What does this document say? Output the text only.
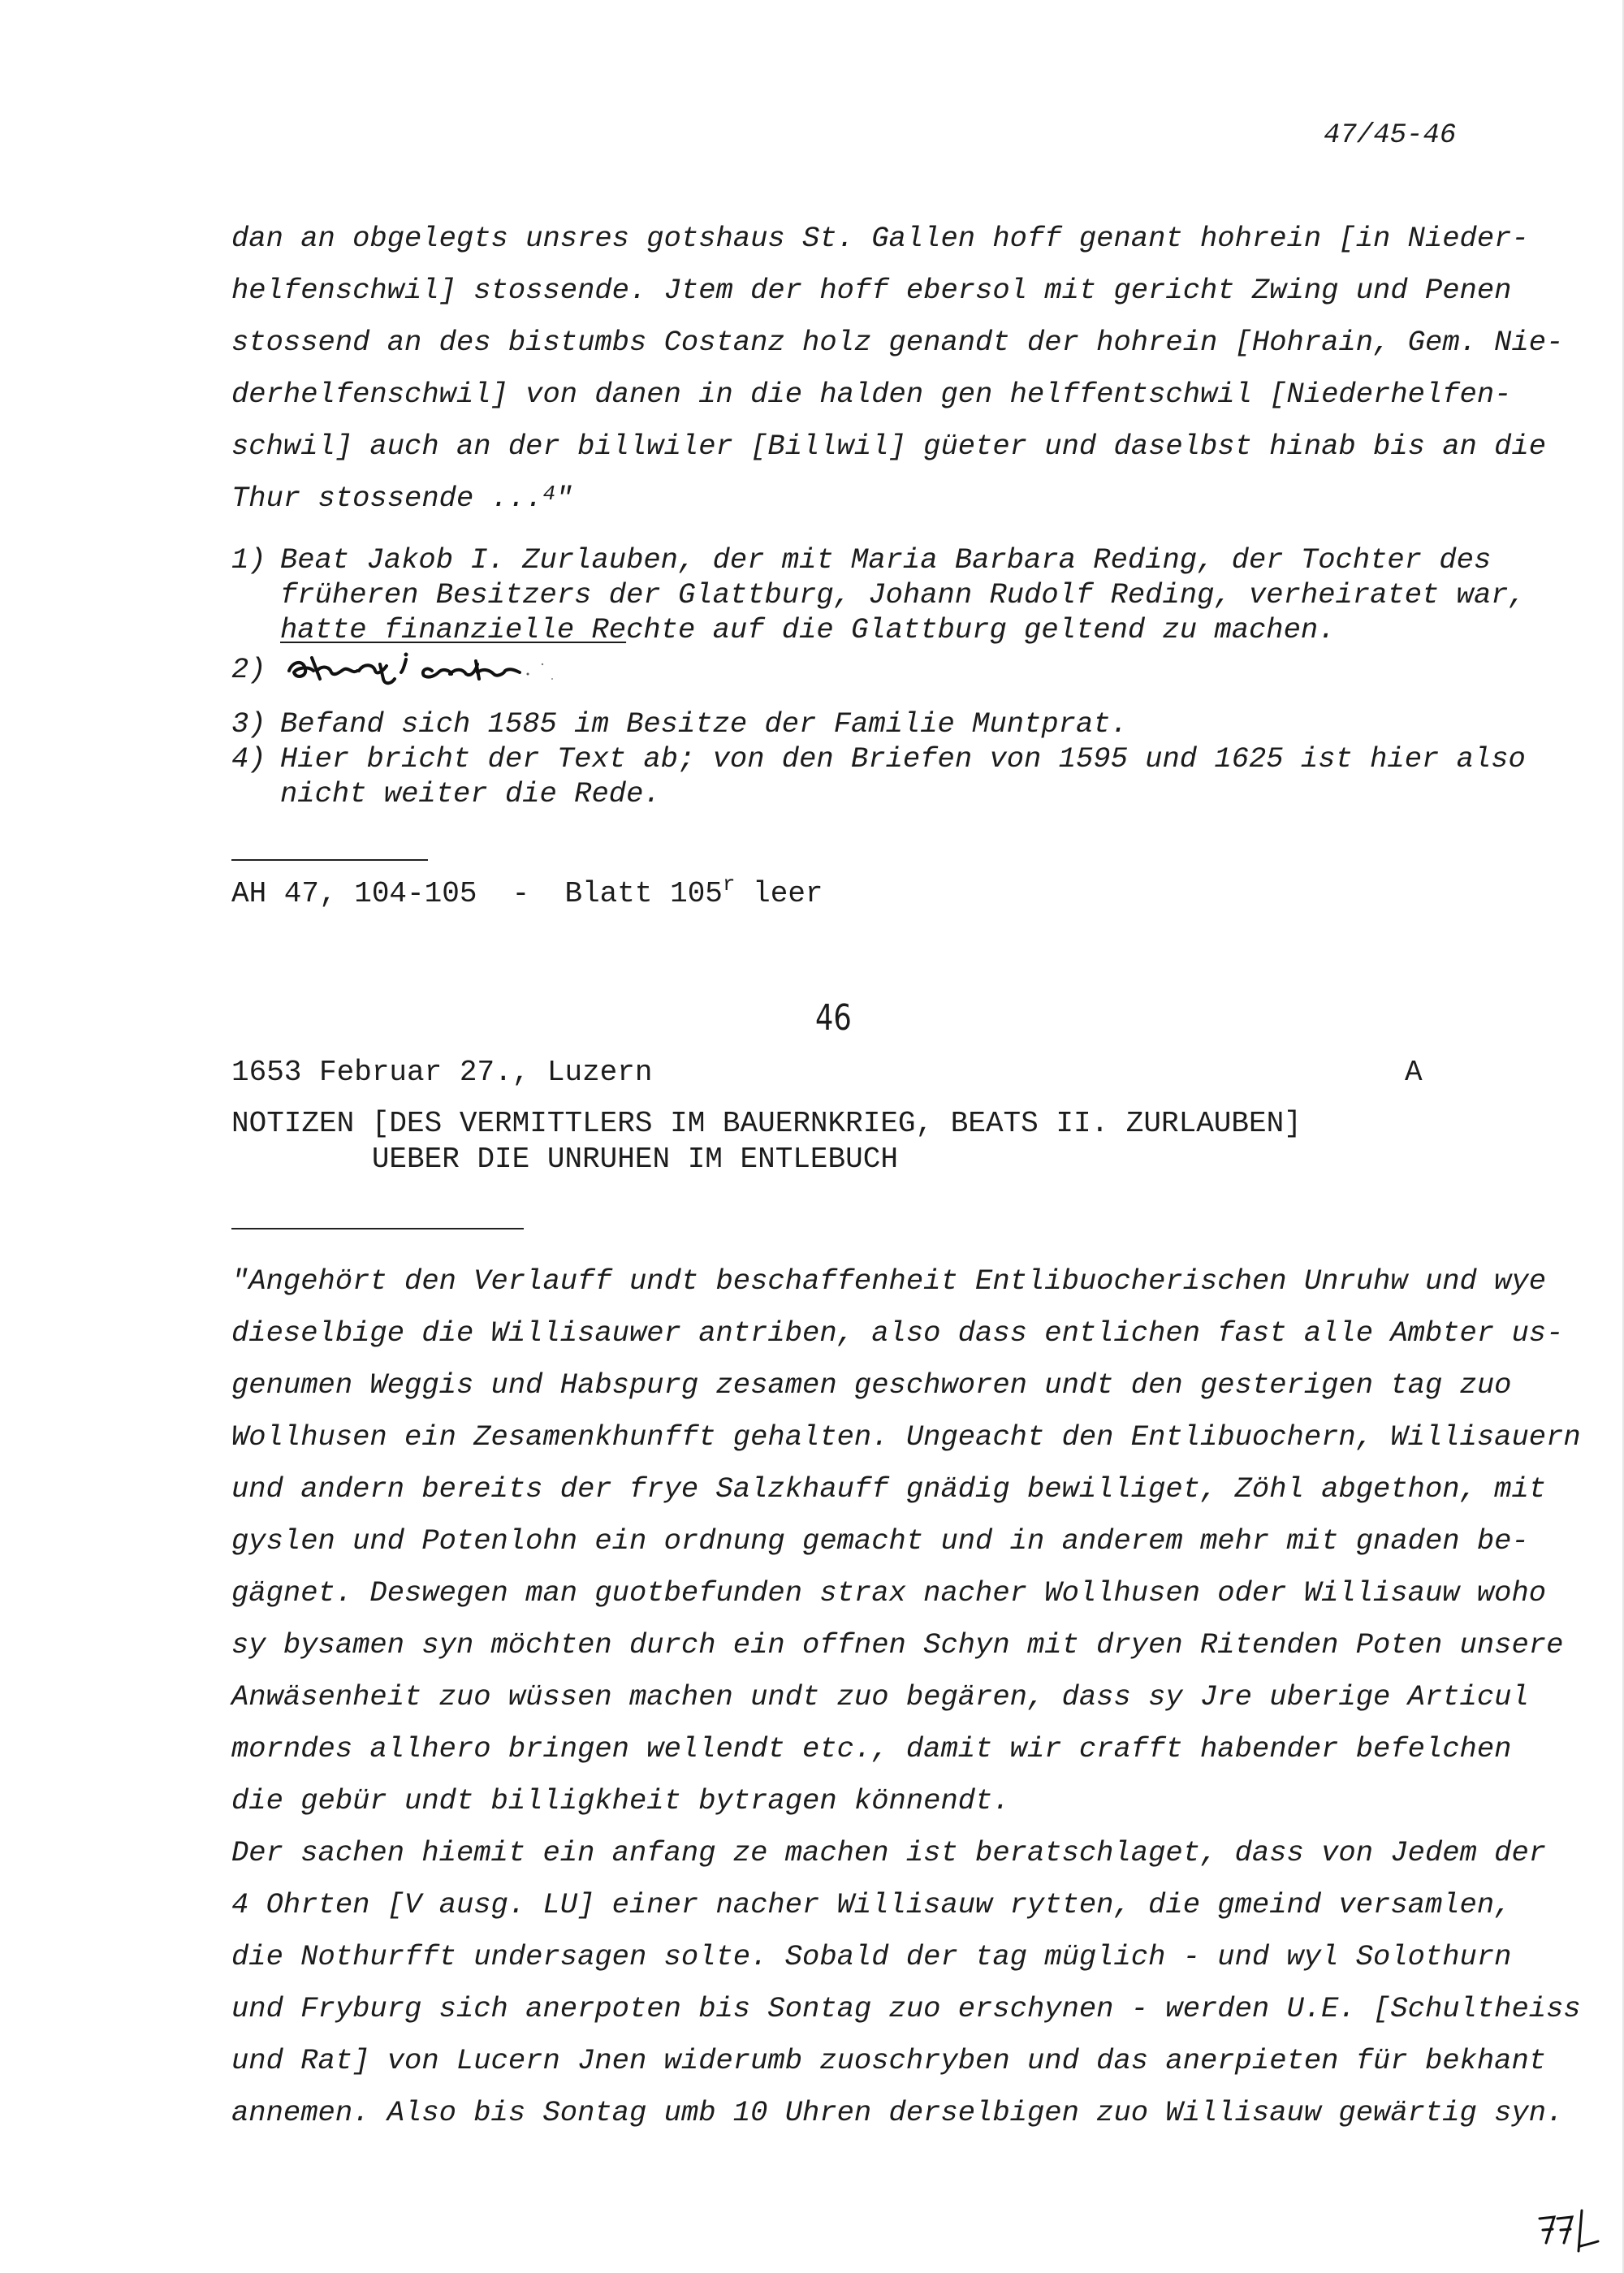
47/45-46
dan an obgelegts unsres gotshaus St. Gallen hoff genant hohrein [in Nieder-
helfenschwil] stossende. Jtem der hoff ebersol mit gericht Zwing und Penen
stossend an des bistumbs Costanz holz genandt der hohrein [Hohrain, Gem. Nie-
derhelfenschwil] von danen in die halden gen helffentschwil [Niederhelfen-
schwil] auch an der billwiler [Billwil] güeter und daselbst hinab bis an die
Thur stossende ...$^4$"
1) Beat Jakob I. Zurlauben, der mit Maria Barbara Reding, der Tochter des
früheren Besitzers der Glattburg, Johann Rudolf Reding, verheiratet war,
hatte finanzielle Rechte auf die Glattburg geltend zu machen.
2)
3) Befand sich 1585 im Besitze der Familie Muntprat.
4) Hier bricht der Text ab; von den Briefen von 1595 und 1625 ist hier also
nicht weiter die Rede.
AH 47, 104-105  -  Blatt 105$^r$ leer
46
1653 Februar 27., Luzern	A
NOTIZEN [DES VERMITTLERS IM BAUERNKRIEG, BEATS II. ZURLAUBEN]
UEBER DIE UNRUHEN IM ENTLEBUCH
"Angehört den Verlauff undt beschaffenheit Entlibuocherischen Unruhw und wye
dieselbige die Willisauwer antriben, also dass entlichen fast alle Ambter us-
genumen Weggis und Habspurg zesamen geschworen undt den gesterigen tag zuo
Wollhusen ein Zesamenkhunfft gehalten. Ungeacht den Entlibuochern, Willisauern
und andern bereits der frye Salzkhauff gnädig bewilliget, Zöhl abgethon, mit
gyslen und Potenlohn ein ordnung gemacht und in anderem mehr mit gnaden be-
gägnet. Deswegen man guotbefunden strax nacher Wollhusen oder Willisauw woho
sy bysamen syn möchten durch ein offnen Schyn mit dryen Ritenden Poten unsere
Anwäsenheit zuo wüssen machen undt zuo begären, dass sy Jre uberige Articul
morndes allhero bringen wellendt etc., damit wir crafft habender befelchen
die gebür undt billigkheit bytragen könnendt.
Der sachen hiemit ein anfang ze machen ist beratschlaget, dass von Jedem der
4 Ohrten [V ausg. LU] einer nacher Willisauw rytten, die gmeind versamlen,
die Nothurfft undersagen solte. Sobald der tag müglich - und wyl Solothurn
und Fryburg sich anerpoten bis Sontag zuo erschynen - werden U.E. [Schultheiss
und Rat] von Lucern Jnen widerumb zuoschryben und das anerpieten für bekhant
annemen. Also bis Sontag umb 10 Uhren derselbigen zuo Willisauw gewärtig syn.
